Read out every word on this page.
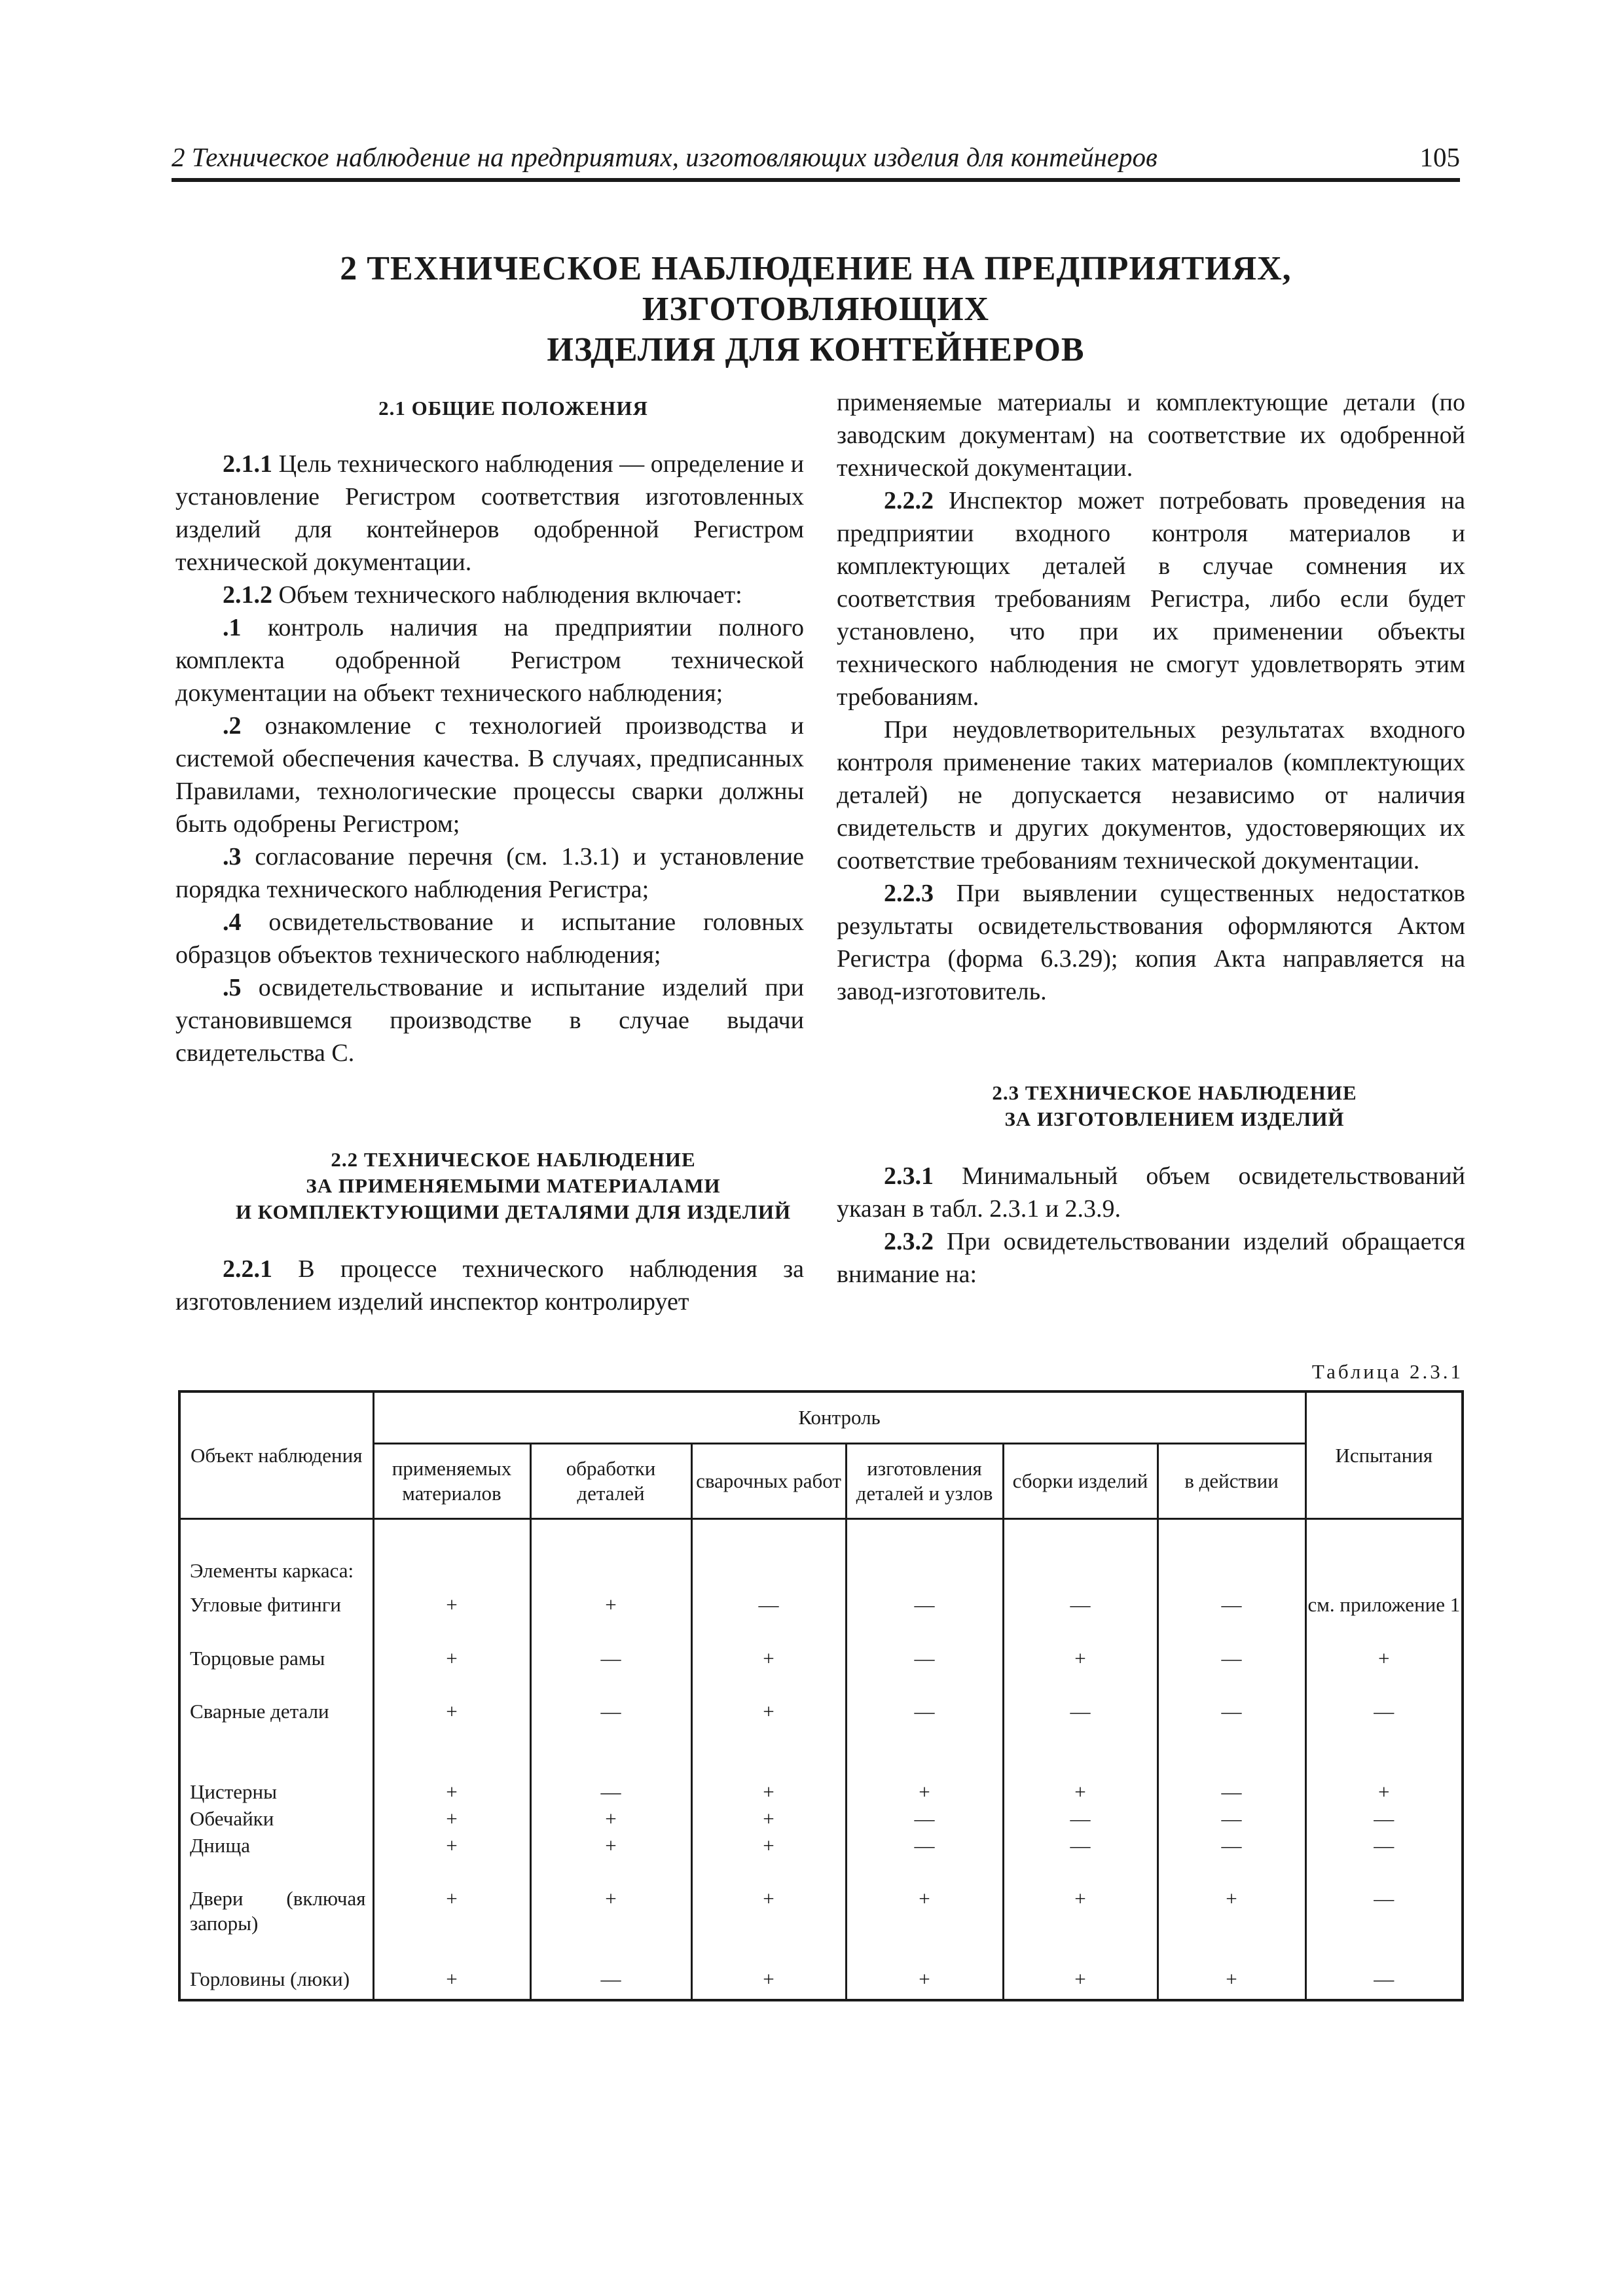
2 Техническое наблюдение на предприятиях, изготовляющих изделия для контейнеров	105
2 ТЕХНИЧЕСКОЕ НАБЛЮДЕНИЕ НА ПРЕДПРИЯТИЯХ, ИЗГОТОВЛЯЮЩИХ
ИЗДЕЛИЯ ДЛЯ КОНТЕЙНЕРОВ

2.1 ОБЩИЕ ПОЛОЖЕНИЯ

2.1.1 Цель технического наблюдения — определение и установление Регистром соответствия изготовленных изделий для контейнеров одобренной Регистром технической документации.

2.1.2 Объем технического наблюдения включает:

.1 контроль наличия на предприятии полного комплекта одобренной Регистром технической документации на объект технического наблюдения;

.2 ознакомление с технологией производства и системой обеспечения качества. В случаях, предписанных Правилами, технологические процессы сварки должны быть одобрены Регистром;

.3 согласование перечня (см. 1.3.1) и установление порядка технического наблюдения Регистра;

.4 освидетельствование и испытание головных образцов объектов технического наблюдения;

.5 освидетельствование и испытание изделий при установившемся производстве в случае выдачи свидетельства С.

2.2 ТЕХНИЧЕСКОЕ НАБЛЮДЕНИЕ

ЗА ПРИМЕНЯЕМЫМИ МАТЕРИАЛАМИ

И КОМПЛЕКТУЮЩИМИ ДЕТАЛЯМИ ДЛЯ ИЗДЕЛИЙ

2.2.1 В процессе технического наблюдения за изготовлением изделий инспектор контролирует

применяемые материалы и комплектующие детали (по заводским документам) на соответствие их одобренной технической документации.

2.2.2 Инспектор может потребовать проведения на предприятии входного контроля материалов и комплектующих деталей в случае сомнения их соответствия требованиям Регистра, либо если будет установлено, что при их применении объекты технического наблюдения не смогут удовлетворять этим требованиям.

При неудовлетворительных результатах входного контроля применение таких материалов (комплектующих деталей) не допускается независимо от наличия свидетельств и других документов, удостоверяющих их соответствие требованиям технической документации.

2.2.3 При выявлении существенных недостатков результаты освидетельствования оформляются Актом Регистра (форма 6.3.29); копия Акта направляется на завод-изготовитель.

2.3 ТЕХНИЧЕСКОЕ НАБЛЮДЕНИЕ

ЗА ИЗГОТОВЛЕНИЕМ ИЗДЕЛИЙ

2.3.1 Минимальный объем освидетельствований указан в табл. 2.3.1 и 2.3.9.

2.3.2 При освидетельствовании изделий обращается внимание на:

Таблица 2.3.1
Объект наблюдения	Контроль						Испытания
	применяемых материалов	обработки деталей	сварочных работ	изготовления деталей и узлов	сборки изделий	в действии	
Элементы каркаса:							
Угловые фитинги	+	+	—	—	—	—	см. приложение 1
Торцовые рамы	+	—	+	—	+	—	+
Сварные детали	+	—	+	—	—	—	—
Цистерны	+	—	+	+	+	—	+
Обечайки	+	+	+	—	—	—	—
Днища	+	+	+	—	—	—	—
Двери (включая запоры)	+	+	+	+	+	+	—
Горловины (люки)	+	—	+	+	+	+	—
